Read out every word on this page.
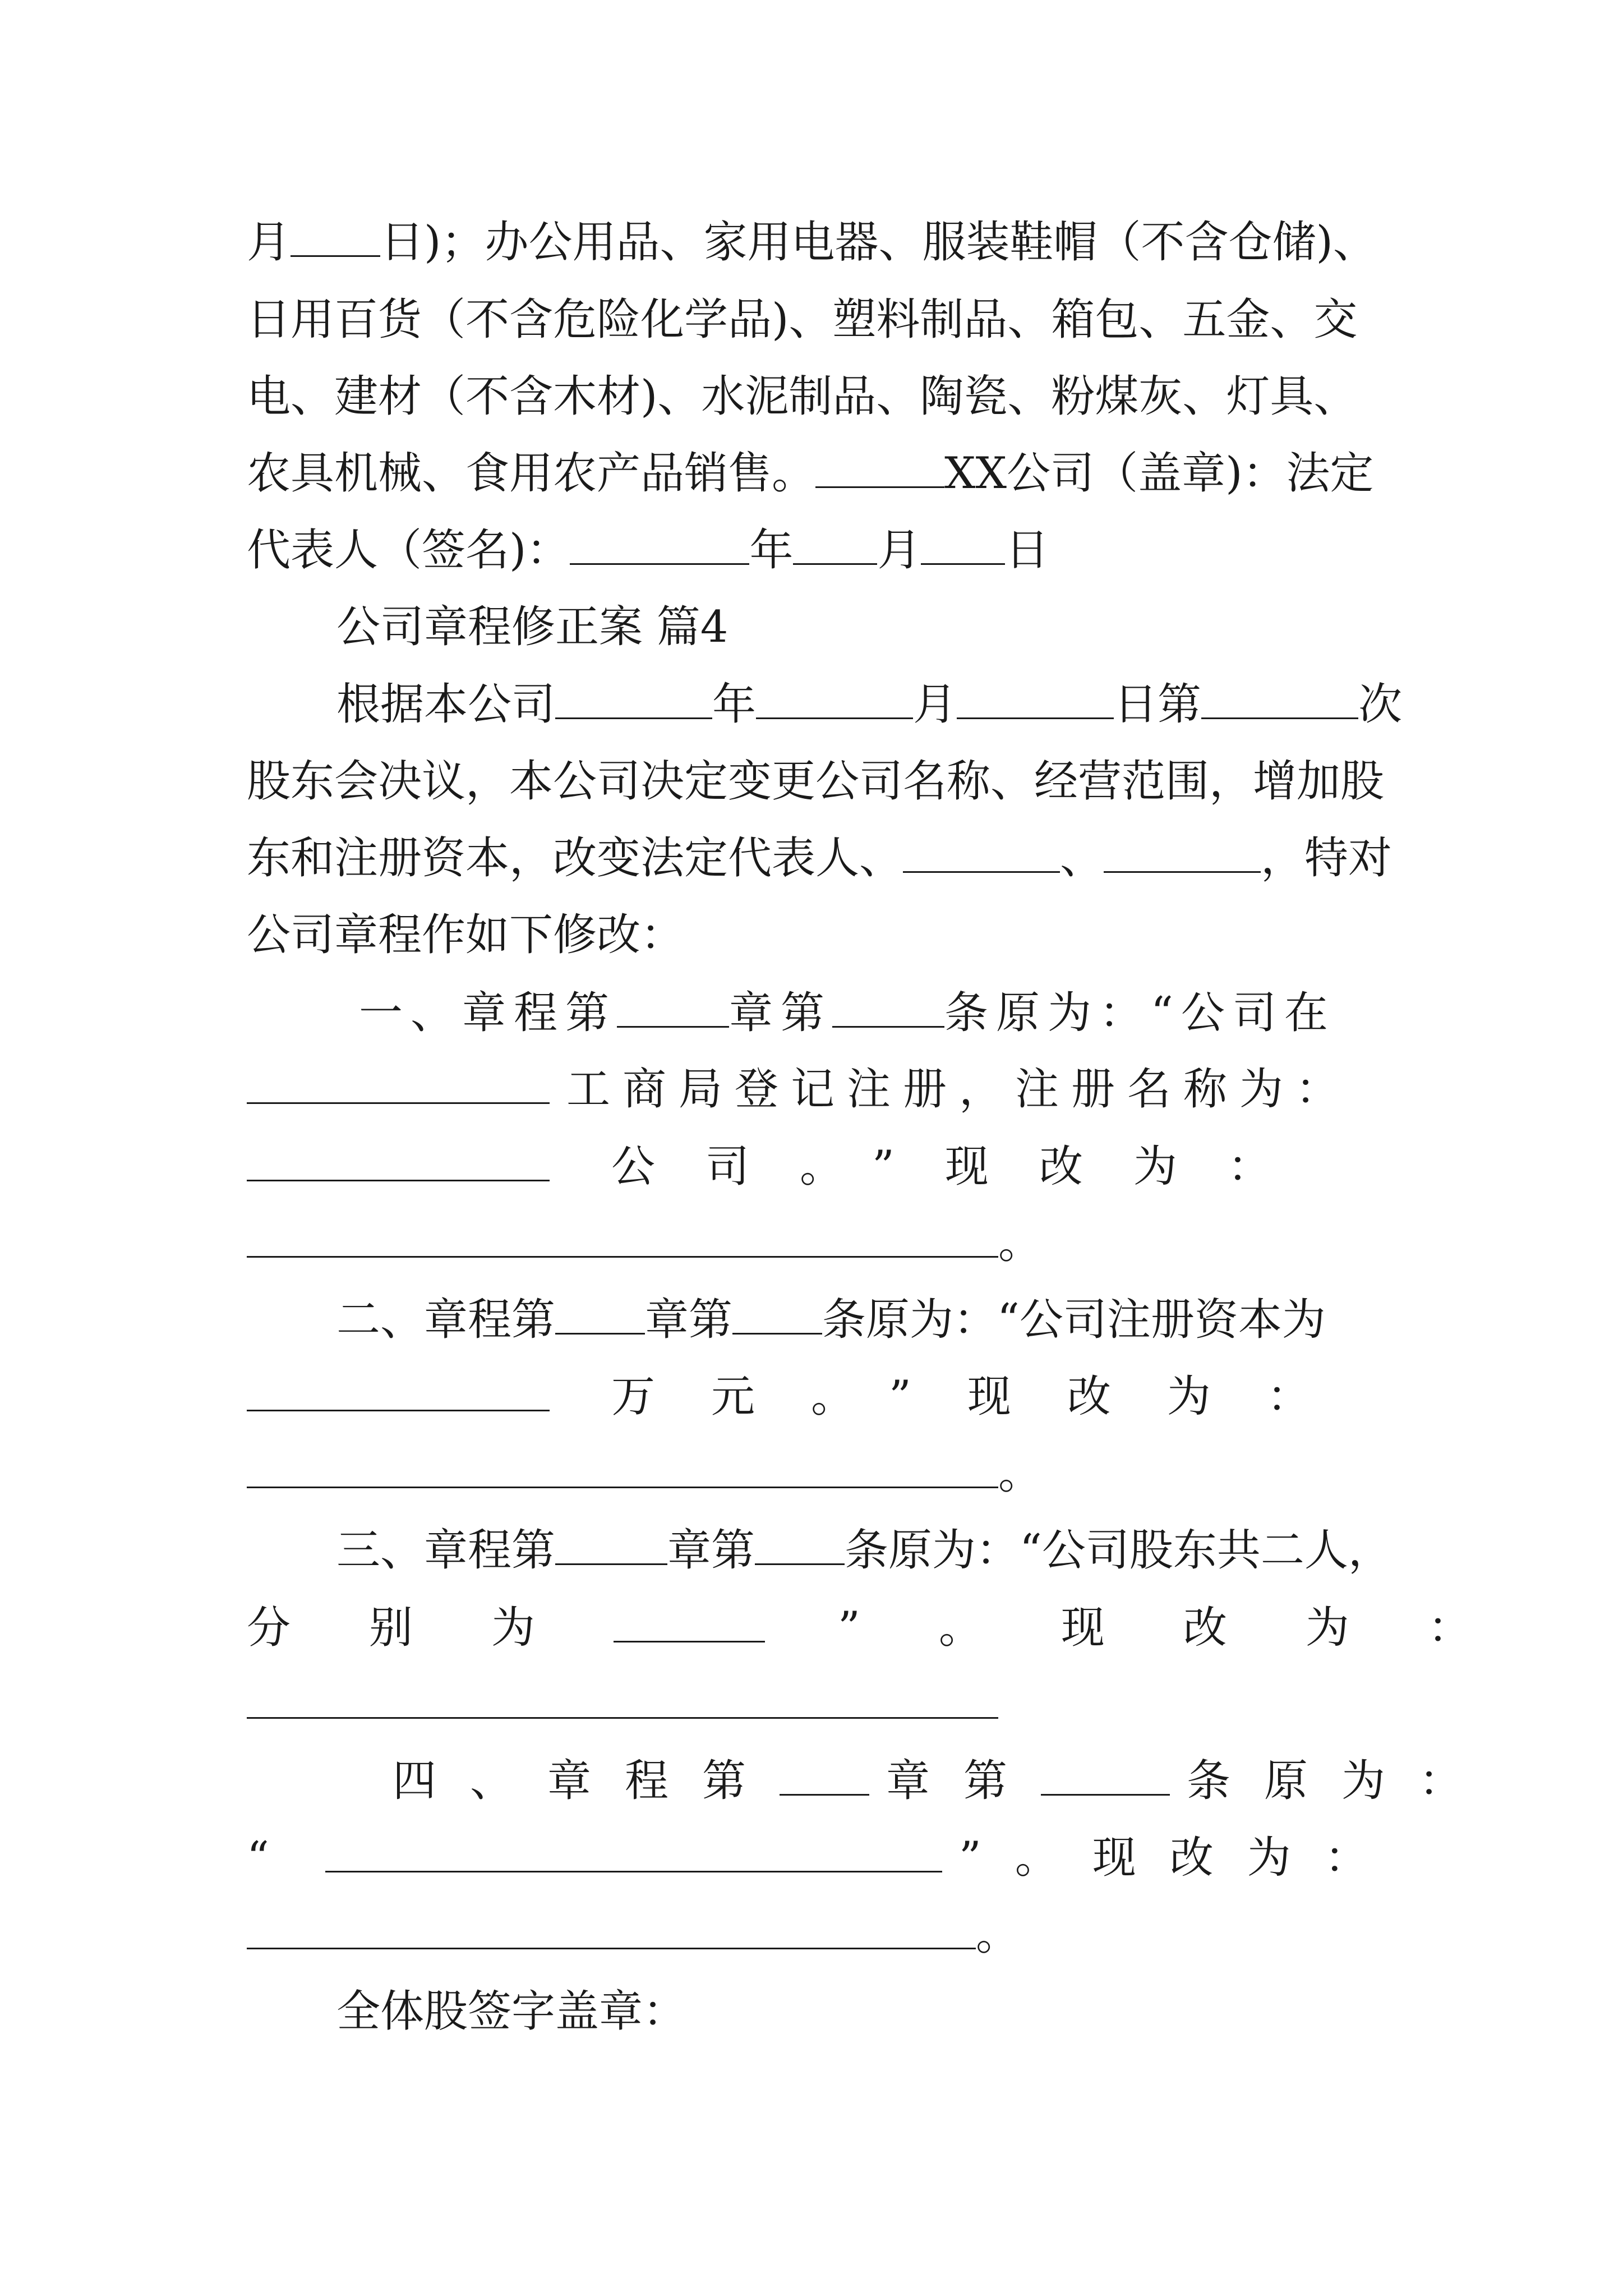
月 日)；办公用品、家用电器、服装鞋帽（不含仓储)、
日用百货（不含危险化学品)、塑料制品、箱包、五金、交
电、建材（不含木材)、水泥制品、陶瓷、粉煤灰、灯具、
农具机械、食用农产品销售。	XX公司（盖章)：法定
代表人（签名)：	年 月 日
公司章程修正案 篇4
根据本公司	年	月	日第	次
股东会决议，本公司决定变更公司名称、经营范围，增加股
东和注册资本，改变法定代表人、	、	，特对
公司章程作如下修改：
一、章程第	章第	条原为：“公司在
工商局登记注册，注册名称为：
公司。”现改为：
。
二、章程第 章第 条原为：“公司注册资本为
万元。”现改为：
。
三、章程第	章第 条原为：“公司股东共二人，
分别为	”。现改为：
四、章程第 章第	条原为：
“	”。现改为：
。
全体股签字盖章：
